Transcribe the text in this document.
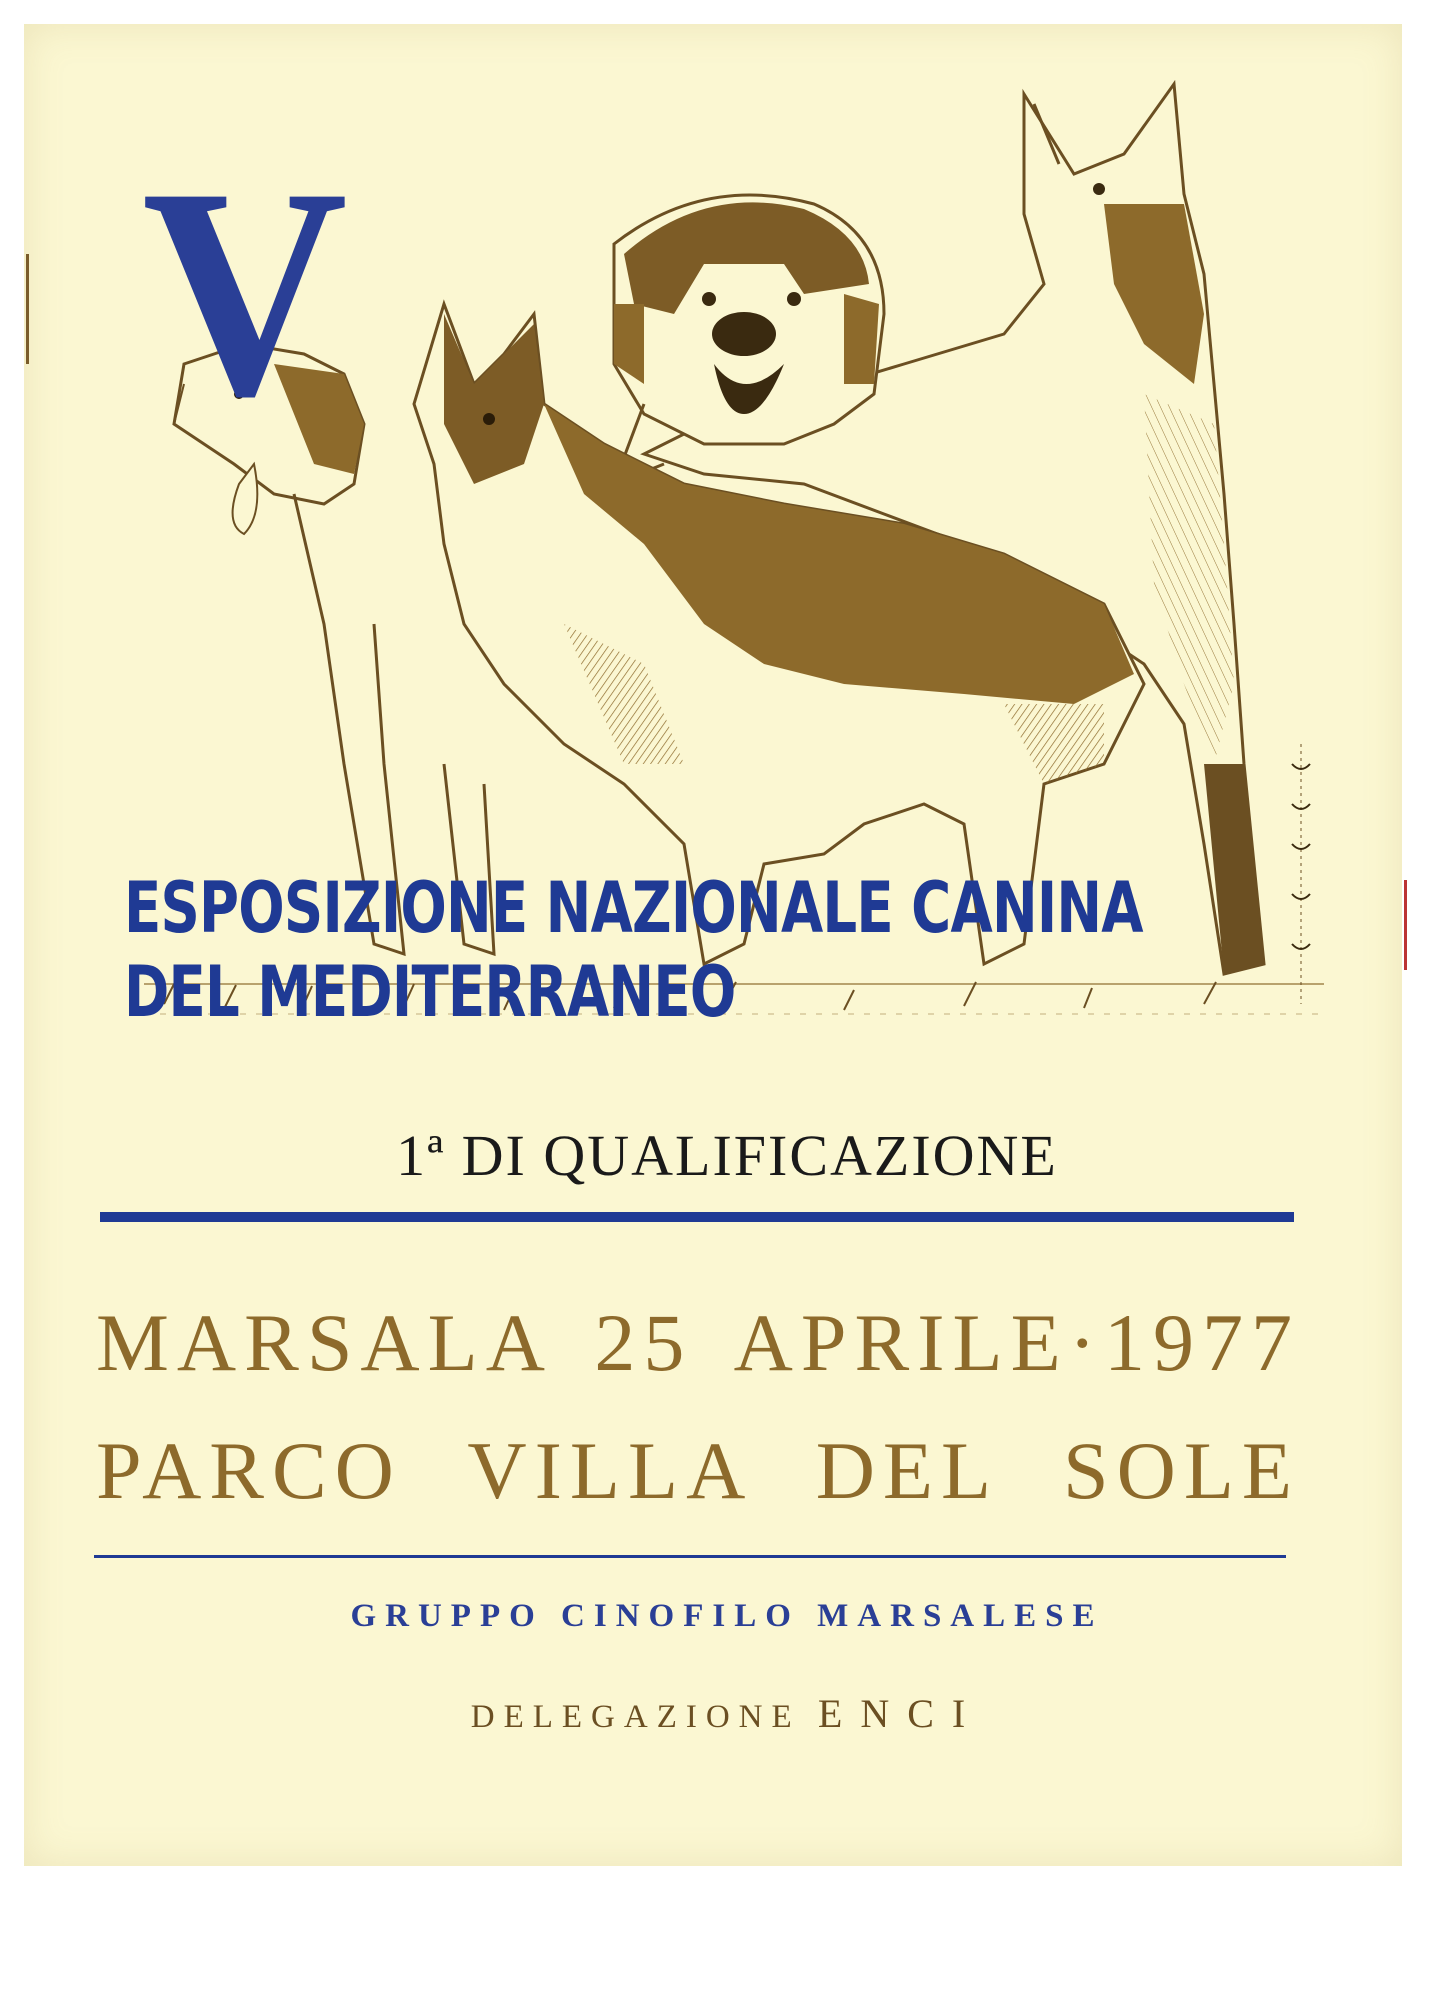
V
ESPOSIZIONE NAZIONALE CANINA
DEL MEDITERRANEO
1ª DI QUALIFICAZIONE
MARSALA 25 APRILE·1977
PARCO VILLA DEL SOLE
GRUPPO CINOFILO MARSALESE
DELEGAZIONE ENCI
